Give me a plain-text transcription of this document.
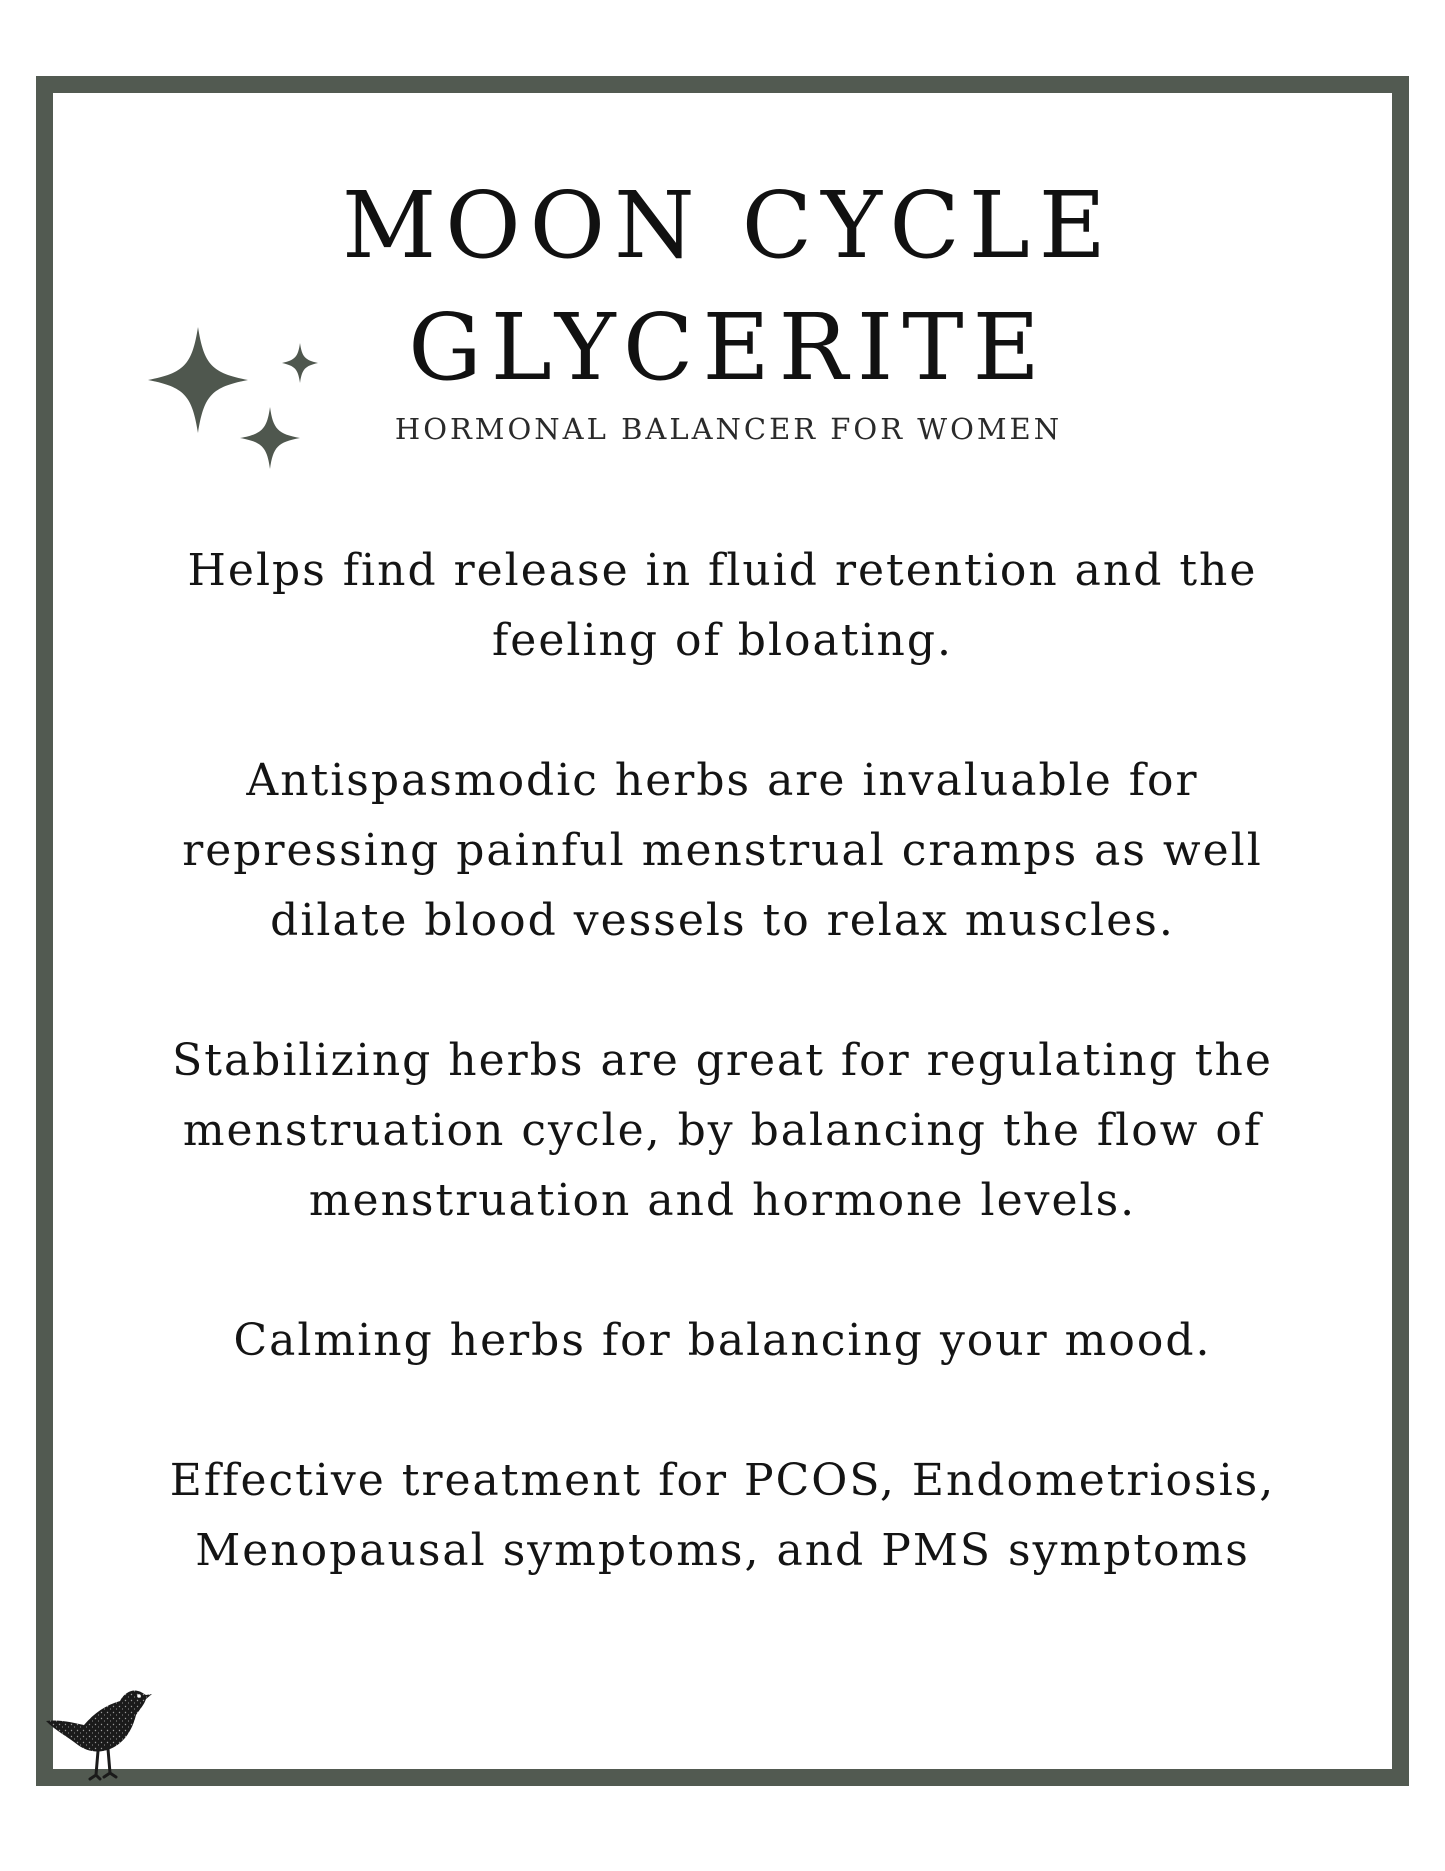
MOON CYCLE
GLYCERITE
HORMONAL BALANCER FOR WOMEN

Helps find release in fluid retention and the feeling of bloating.

Antispasmodic herbs are invaluable for repressing painful menstrual cramps as well dilate blood vessels to relax muscles.

Stabilizing herbs are great for regulating the menstruation cycle, by balancing the flow of menstruation and hormone levels.

Calming herbs for balancing your mood.

Effective treatment for PCOS, Endometriosis, Menopausal symptoms, and PMS symptoms
